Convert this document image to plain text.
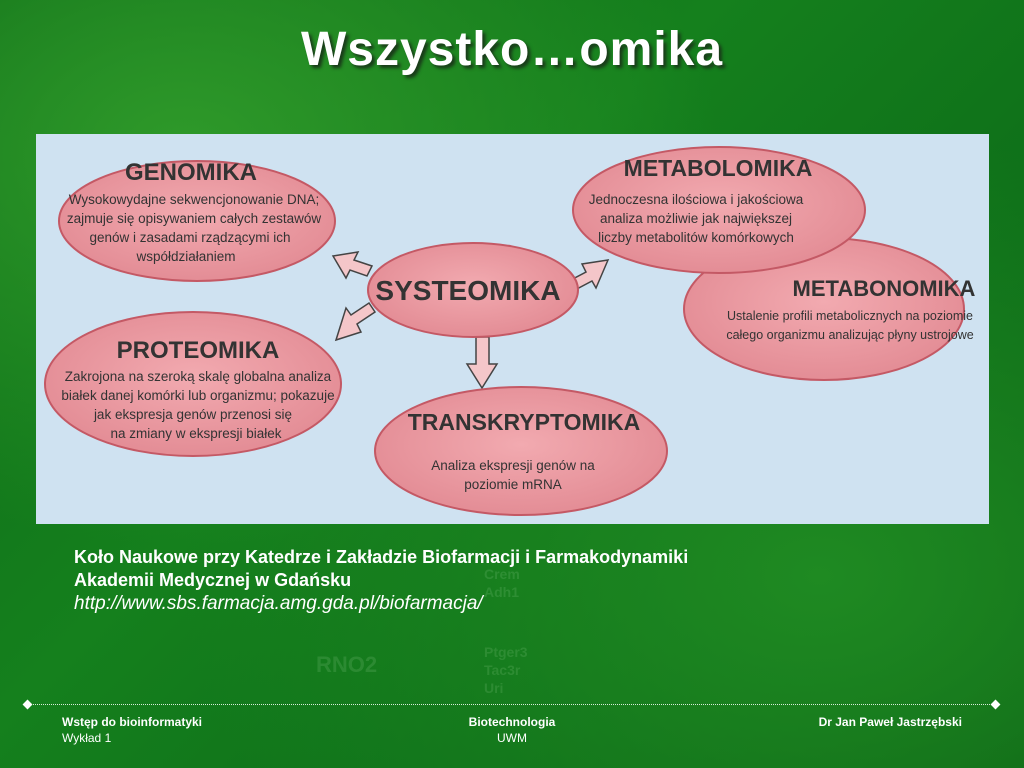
RNO2	Tac3r
Ptger3
Adh1
Crem
Uri
Wszystko…omika
GENOMIKA
Wysokowydajne sekwencjonowanie DNA;
zajmuje się opisywaniem całych zestawów
genów i zasadami rządzącymi ich
współdziałaniem
METABONOMIKA
Ustalenie profili metabolicznych na poziomie
całego organizmu analizując płyny ustrojowe
METABOLOMIKA
Jednoczesna ilościowa i jakościowa
analiza możliwie jak największej
liczby metabolitów komórkowych
SYSTEOMIKA
PROTEOMIKA
Zakrojona na szeroką skalę globalna analiza
białek danej komórki lub organizmu; pokazuje
jak ekspresja genów przenosi się
na zmiany w ekspresji białek	TRANSKRYPTOMIKA
Analiza ekspresji genów na
poziomie mRNA
Koło Naukowe przy Katedrze i Zakładzie Biofarmacji i Farmakodynamiki
Akademii Medycznej w Gdańsku
http://www.sbs.farmacja.amg.gda.pl/biofarmacja/
Wstęp do bioinformatyki
Wykład 1
Biotechnologia
UWM
Dr Jan Paweł Jastrzębski
